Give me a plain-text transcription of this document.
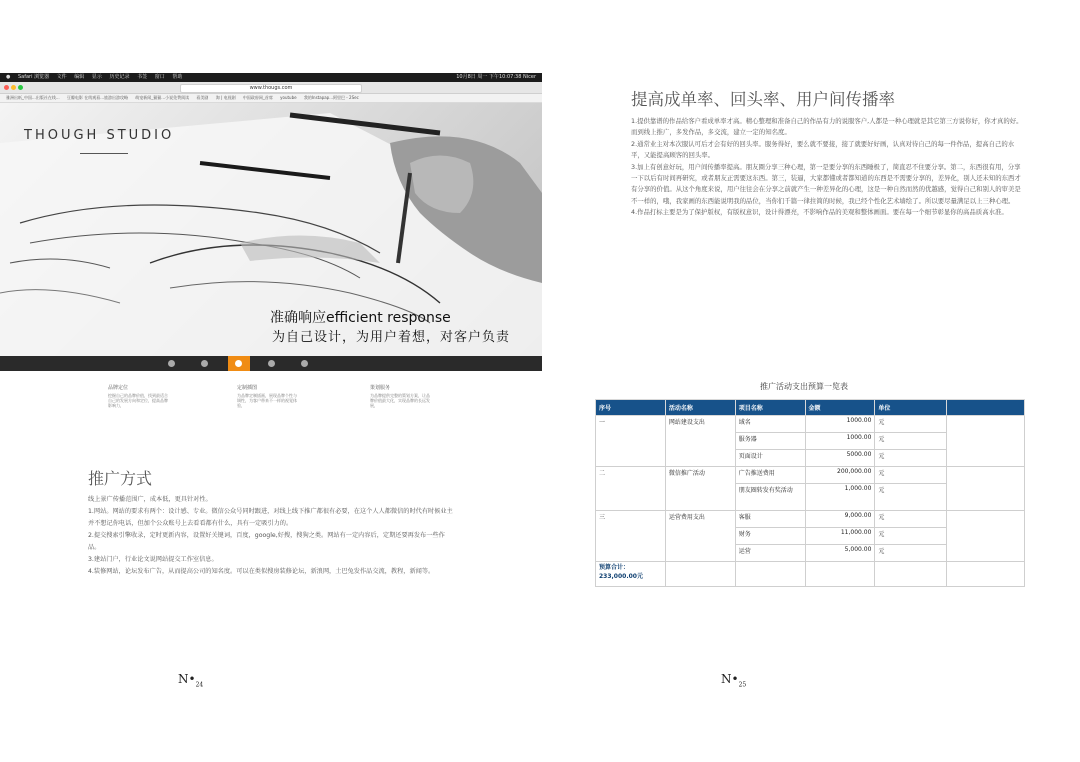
● Safari 浏览器 文件 编辑 显示 历史记录 书签 窗口 帮助	10月8日 周一 下午10:07:38 Nicer
www.thougs.com
雅洲出纸_中国...出版社在线... 豆瓣电影 在线观看...旅游出游攻略 萌宠新闻_猫猫...小说免费阅读 看美剧 淘 | 电视剧 中国政府网_首席 youtube 我的Instapap...阿里巴 - 2Sec
THOUGH STUDIO
准确响应efficient response
为自己设计，为用户着想，对客户负责
品牌定位
挖掘自己的品牌价值，找到最适合自己的发展方向和定位，提高品牌影响力，
定制插图
为品牌定制插画，展现品牌个性与调性，为客户带来不一样的视觉体验，
策划服务
为品牌提供完整的策划方案，让品牌价值最大化，实现品牌的长远发展，
推广方式

线上景广传播范围广，成本低，更具针对性。

1.网站。网站的要求有两个：设计感、专业。微信公众号同时跟进，对线上线下推广都很有必要，在这个人人都微信的时代有时候业主并不想记你电话，但加个公众账号上去看看都有什么，具有一定吸引力的。

2.提交搜索引擎收录，定时更新内容，设置好关键词，百度，google,好搜，搜狗之类。网站有一定内容后，定期还要再发布一些作品。

3.建站门户，行业论文说网站提交工作室信息。

4.装修网站，论坛发布广告，从而提高公司的知名度。可以在类似搜房装修论坛，新浪网，土巴兔发作品交流，教程，新闻等。

$N•_{24}$
提高成单率、回头率、用户间传播率

1.提供靠谱的作品给客户看成单率才高。精心整理和准备自己的作品有力的说服客户,人都是一种心理就是其它第三方说你好，你才真的好。而到线上推广，多发作品，多交流，建立一定的知名度。

2.通常业主对本次服认可后才会有好的回头率。服务得好，要么就不要接，接了就要好好画，认真对待自己的每一件作品，提高自己的水平，又能提高顾客的回头率。

3.加上有创意好玩，用户间传播率提高。朋友圈分享三种心理，第一是要分享的东西睡极了，简直忍不住要分享。第二，东西很有用，分享一下以后有时间再研究，或者朋友正需要这东西。第三，装逼，大家都懂或者都知道的东西是不需要分享的，差异化，别人还未知的东西才有分享的价值。从这个角度来说，用户往往会在分享之前就产生一种差异化的心理，这是一种自然而然的优越感，觉得自己和别人的审美是不一样的，哦，我家画的东西能说明我的品位，当你们千篇一律拄简的时候，我已经个性化艺术墙绘了。所以要尽量满足以上三种心理。

4.作品打标主要是为了保护版权，有版权意识，设计得漂亮，不影响作品的美观和整体画面。要在每一个细节彰显你的高品质高水准。

推广活动支出预算一览表
序号	活动名称	项目名称	金额	单位	
一	网站建设支出	域名	1000.00	元	
		服务器	1000.00	元	
		页面设计	5000.00	元	
二	微信推广活动	广告推送费用	200,000.00	元	
		朋友圈转发有奖活动	1,000.00	元	
三	运营费用支出	客服	9,000.00	元	
		财务	11,000.00	元	
		运营	5,000.00	元	

预算合计：
233,000.00元					

$N•_{25}$
